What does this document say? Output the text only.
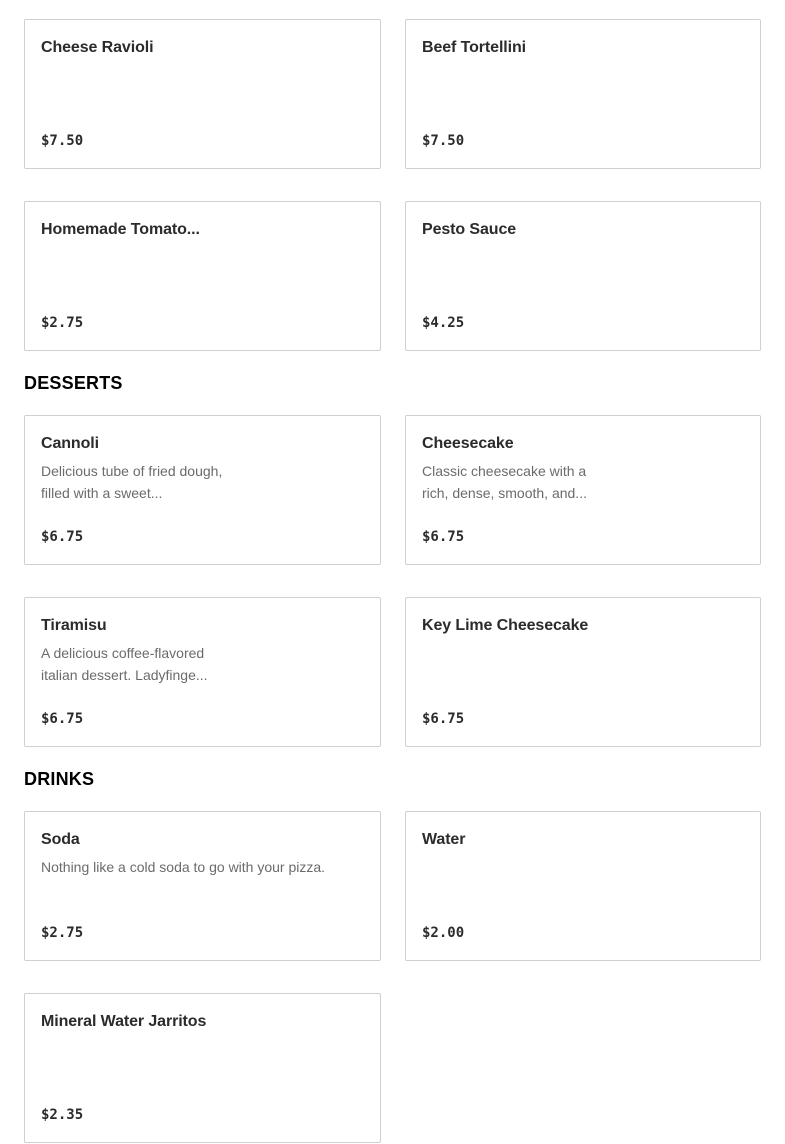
Cheese Ravioli
$7.50
Beef Tortellini
$7.50
Homemade Tomato...
$2.75
Pesto Sauce
$4.25
DESSERTS
Cannoli
Delicious tube of fried dough, filled with a sweet...
$6.75
Cheesecake
Classic cheesecake with a rich, dense, smooth, and...
$6.75
Tiramisu
A delicious coffee-flavored italian dessert. Ladyfinge...
$6.75
Key Lime Cheesecake
$6.75
DRINKS
Soda
Nothing like a cold soda to go with your pizza.
$2.75
Water
$2.00
Mineral Water Jarritos
$2.35
